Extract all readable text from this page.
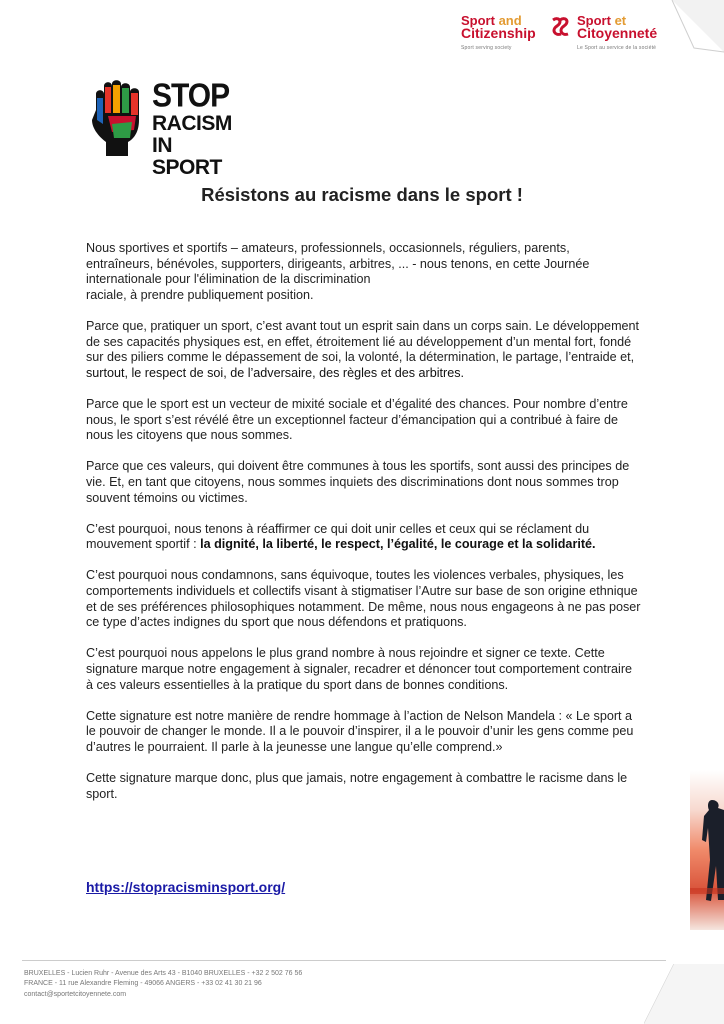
Sport and
Citizenship
Sport serving society
Sport et
Citoyenneté
Le Sport au service de la société
STOP
RACISM
IN SPORT
Résistons au racisme dans le sport !

Nous sportives et sportifs – amateurs, professionnels, occasionnels, réguliers, parents,
entraîneurs, bénévoles, supporters, dirigeants, arbitres, ... - nous tenons, en cette Journée
internationale pour l'élimination de la discrimination
raciale, à prendre publiquement position.

Parce que, pratiquer un sport, c’est avant tout un esprit sain dans un corps sain. Le développement de ses capacités physiques est, en effet, étroitement lié au développement d’un mental fort, fondé sur des piliers comme le dépassement de soi, la volonté, la détermination, le partage, l’entraide et, surtout, le respect de soi, de l’adversaire, des règles et des arbitres.

Parce que le sport est un vecteur de mixité sociale et d’égalité des chances. Pour nombre d’entre nous, le sport s’est révélé être un exceptionnel facteur d’émancipation qui a contribué à faire de nous les citoyens que nous sommes.

Parce que ces valeurs, qui doivent être communes à tous les sportifs, sont aussi des principes de vie. Et, en tant que citoyens, nous sommes inquiets des discriminations dont nous sommes trop souvent témoins ou victimes.

C’est pourquoi, nous tenons à réaffirmer ce qui doit unir celles et ceux qui se réclament du mouvement sportif : la dignité, la liberté, le respect, l’égalité, le courage et la solidarité.

C’est pourquoi nous condamnons, sans équivoque, toutes les violences verbales, physiques, les comportements individuels et collectifs visant à stigmatiser l’Autre sur base de son origine ethnique et de ses préférences philosophiques notamment. De même, nous nous engageons à ne pas poser ce type d’actes indignes du sport que nous défendons et pratiquons.

C’est pourquoi nous appelons le plus grand nombre à nous rejoindre et signer ce texte. Cette signature marque notre engagement à signaler, recadrer et dénoncer tout comportement contraire à ces valeurs essentielles à la pratique du sport dans de bonnes conditions.

Cette signature est notre manière de rendre hommage à l’action de Nelson Mandela : « Le sport a le pouvoir de changer le monde. Il a le pouvoir d’inspirer, il a le pouvoir d’unir les gens comme peu d’autres le pourraient. Il parle à la jeunesse une langue qu’elle comprend.»

Cette signature marque donc, plus que jamais, notre engagement à combattre le racisme dans le sport.

https://stopracisminsport.org/
BRUXELLES - Lucien Ruhr - Avenue des Arts 43 - B1040 BRUXELLES - +32 2 502 76 56
FRANCE - 11 rue Alexandre Fleming - 49066 ANGERS - +33 02 41 30 21 96
contact@sportetcitoyennete.com
